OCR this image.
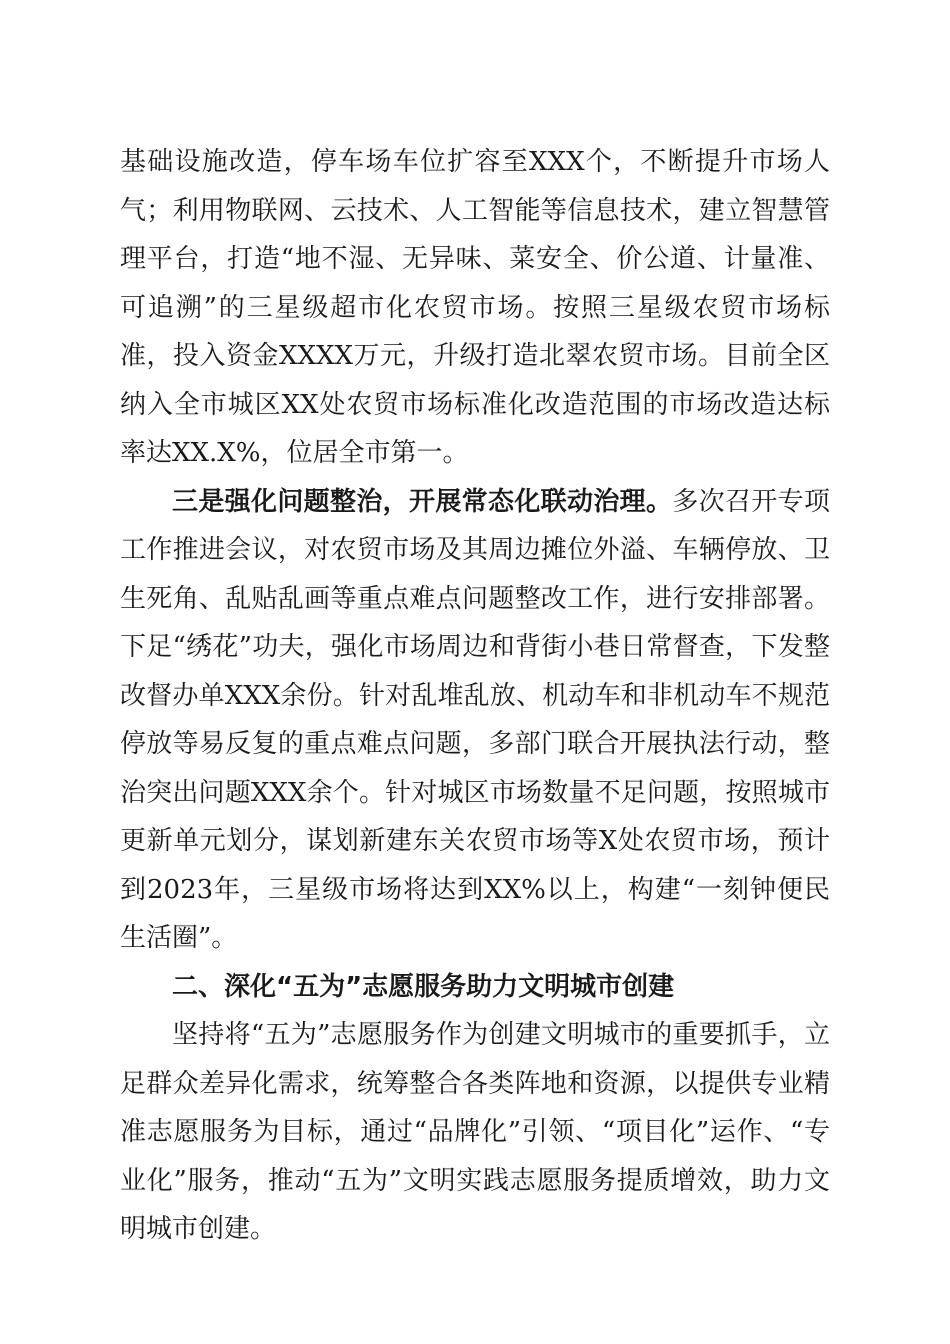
基础设施改造，停车场车位扩容至XXX个，不断提升市场人气；利用物联网、云技术、人工智能等信息技术，建立智慧管理平台，打造“地不湿、无异味、菜安全、价公道、计量准、可追溯”的三星级超市化农贸市场。按照三星级农贸市场标准，投入资金XXXX万元，升级打造北翠农贸市场。目前全区纳入全市城区XX处农贸市场标准化改造范围的市场改造达标率达XX.X%，位居全市第一。

三是强化问题整治，开展常态化联动治理。多次召开专项工作推进会议，对农贸市场及其周边摊位外溢、车辆停放、卫生死角、乱贴乱画等重点难点问题整改工作，进行安排部署。下足“绣花”功夫，强化市场周边和背街小巷日常督查，下发整改督办单XXX余份。针对乱堆乱放、机动车和非机动车不规范停放等易反复的重点难点问题，多部门联合开展执法行动，整治突出问题XXX余个。针对城区市场数量不足问题，按照城市更新单元划分，谋划新建东关农贸市场等X处农贸市场，预计到2023年，三星级市场将达到XX%以上，构建“一刻钟便民生活圈”。

二、深化“五为”志愿服务助力文明城市创建

坚持将“五为”志愿服务作为创建文明城市的重要抓手，立足群众差异化需求，统筹整合各类阵地和资源，以提供专业精准志愿服务为目标，通过“品牌化”引领、“项目化”运作、“专业化”服务，推动“五为”文明实践志愿服务提质增效，助力文明城市创建。
